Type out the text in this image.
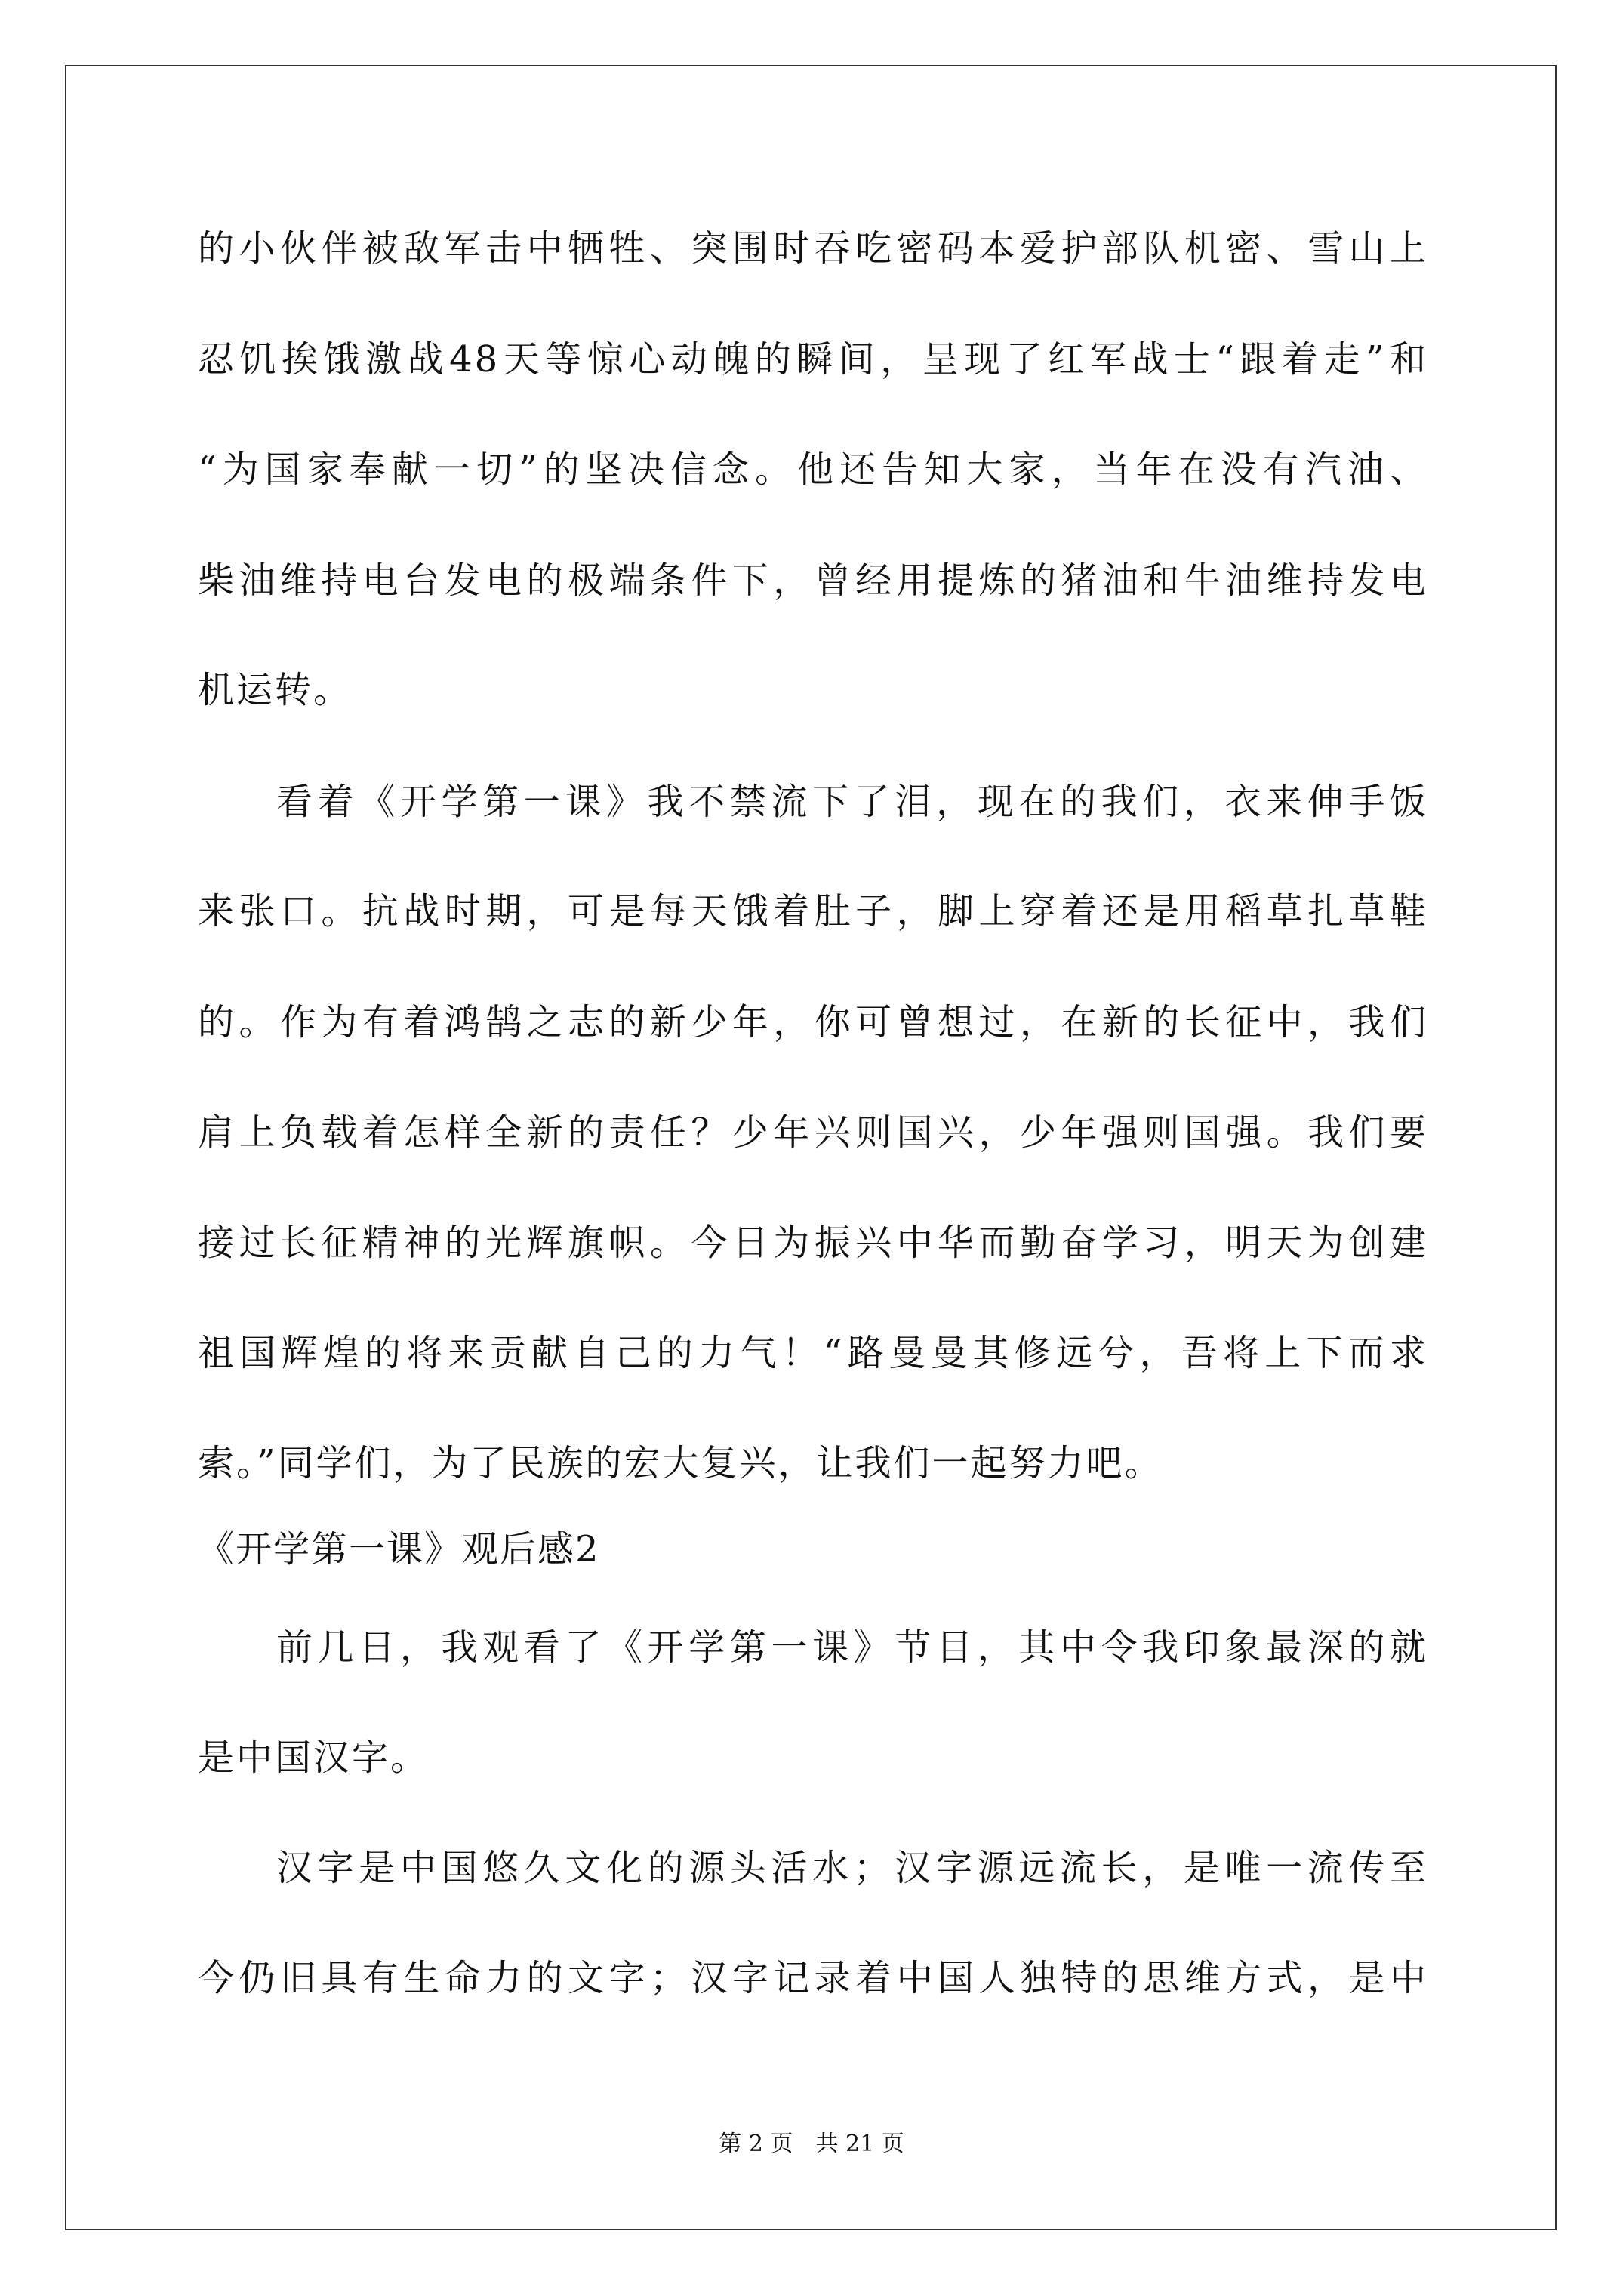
的小伙伴被敌军击中牺牲、突围时吞吃密码本爱护部队机密、雪山上
忍饥挨饿激战48天等惊心动魄的瞬间，呈现了红军战士“跟着走”和
“为国家奉献一切”的坚决信念。他还告知大家，当年在没有汽油、
柴油维持电台发电的极端条件下，曾经用提炼的猪油和牛油维持发电
机运转。
看着《开学第一课》我不禁流下了泪，现在的我们，衣来伸手饭
来张口。抗战时期，可是每天饿着肚子，脚上穿着还是用稻草扎草鞋
的。作为有着鸿鹄之志的新少年，你可曾想过，在新的长征中，我们
肩上负载着怎样全新的责任？少年兴则国兴，少年强则国强。我们要
接过长征精神的光辉旗帜。今日为振兴中华而勤奋学习，明天为创建
祖国辉煌的将来贡献自己的力气！“路曼曼其修远兮，吾将上下而求
索。”同学们，为了民族的宏大复兴，让我们一起努力吧。
《开学第一课》观后感2
前几日，我观看了《开学第一课》节目，其中令我印象最深的就
是中国汉字。
汉字是中国悠久文化的源头活水；汉字源远流长，是唯一流传至
今仍旧具有生命力的文字；汉字记录着中国人独特的思维方式，是中
第 2 页　共 21 页
